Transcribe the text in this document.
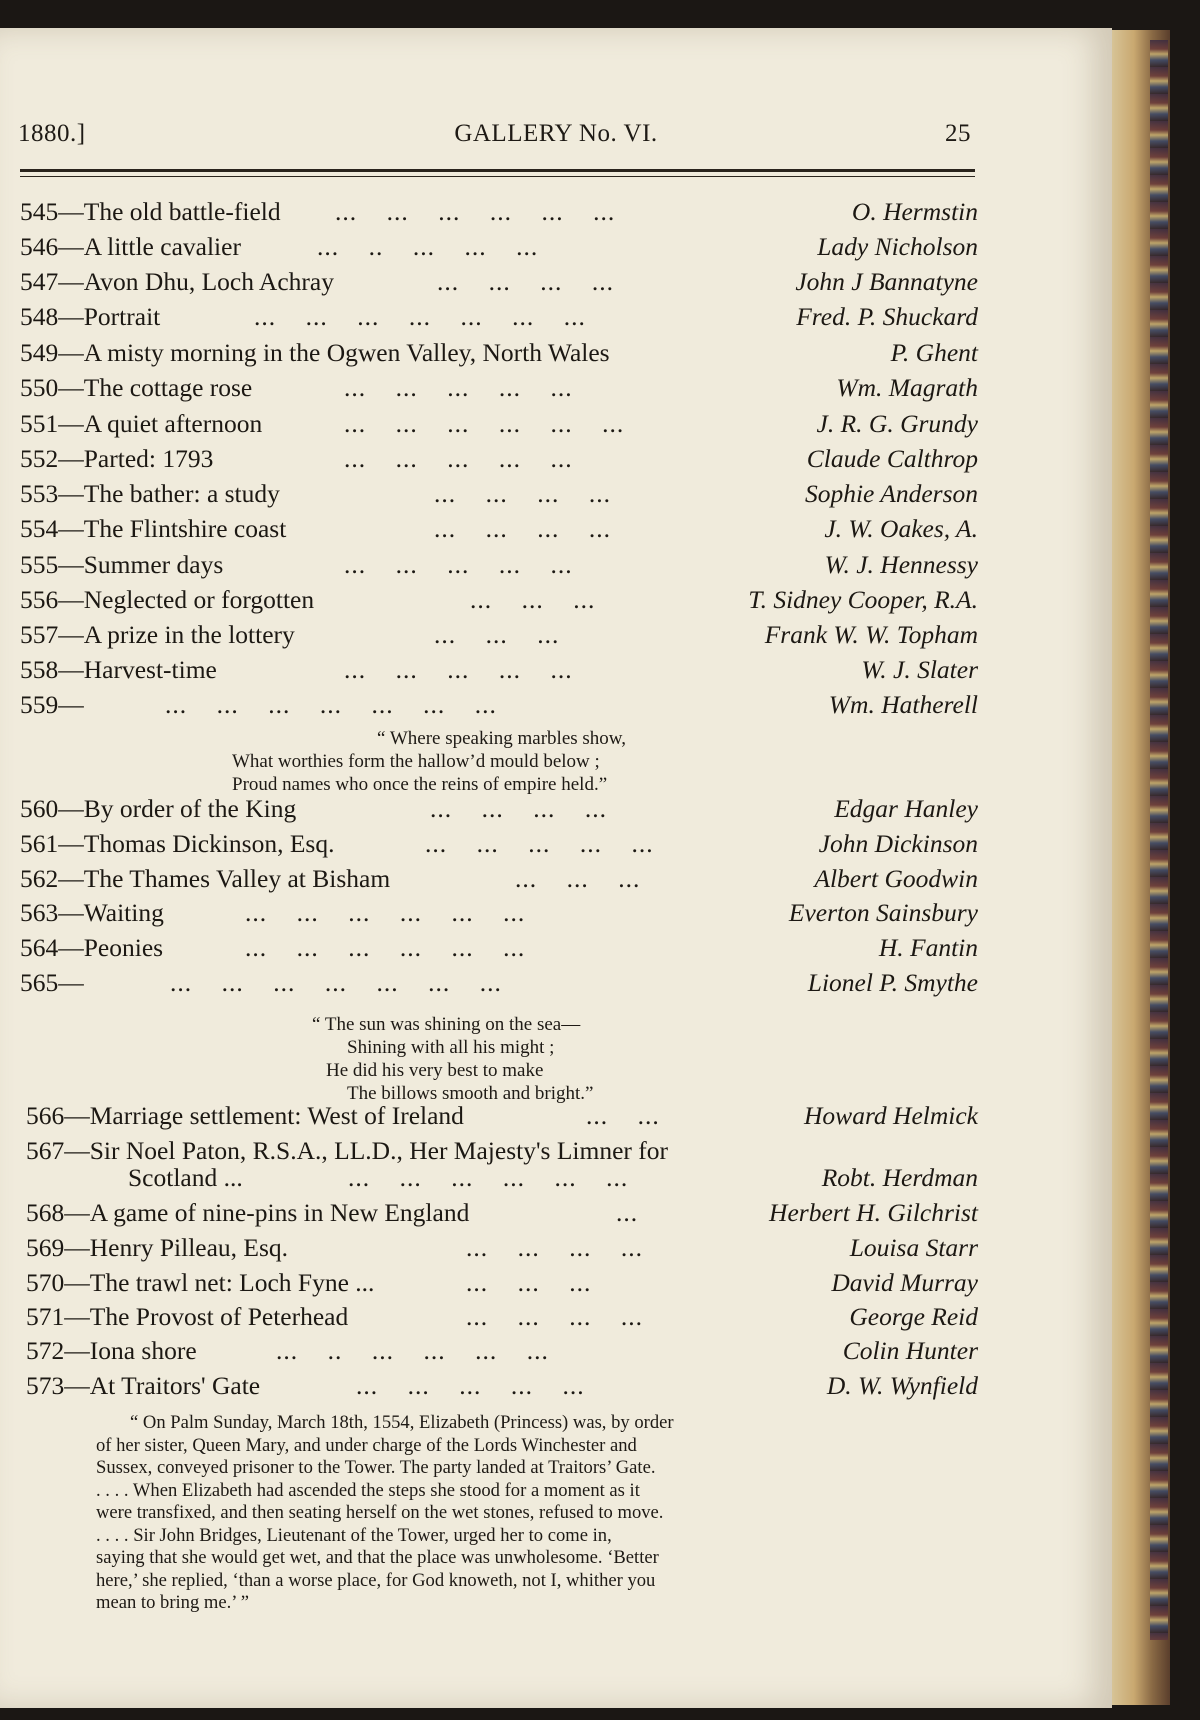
1880.]	GALLERY No. VI.	25
545—The old battle-field ...    ...    ...    ...    ...    ...	O. Hermstin
546—A little cavalier	...    ..    ...    ...    ...	Lady Nicholson
547—Avon Dhu, Loch Achray	...    ...    ...    ...	John J Bannatyne
548—Portrait	...    ...    ...    ...    ...    ...    ...	Fred. P. Shuckard
549—A misty morning in the Ogwen Valley, North Wales	P. Ghent
550—The cottage rose	...    ...    ...    ...    ...	Wm. Magrath
551—A quiet afternoon	...    ...    ...    ...    ...    ...	J. R. G. Grundy
552—Parted: 1793	...    ...    ...    ...    ...	Claude Calthrop
553—The bather: a study	...    ...    ...    ...	Sophie Anderson
554—The Flintshire coast	...    ...    ...    ...	J. W. Oakes, A.
555—Summer days	...    ...    ...    ...    ...	W. J. Hennessy
556—Neglected or forgotten	...    ...    ...	T. Sidney Cooper, R.A.
557—A prize in the lottery	...    ...    ...	Frank W. W. Topham
558—Harvest-time	...    ...    ...    ...    ...	W. J. Slater
559—	...    ...    ...    ...    ...    ...    ...	Wm. Hatherell
560—By order of the King	...    ...    ...    ...	Edgar Hanley
561—Thomas Dickinson, Esq.	...    ...    ...    ...    ...	John Dickinson
562—The Thames Valley at Bisham	...    ...    ...	Albert Goodwin
563—Waiting	...    ...    ...    ...    ...    ...	Everton Sainsbury
564—Peonies	...    ...    ...    ...    ...    ...	H. Fantin
565—	...    ...    ...    ...    ...    ...    ...	Lionel P. Smythe
566—Marriage settlement: West of Ireland	...    ...	Howard Helmick
567—Sir Noel Paton, R.S.A., LL.D., Her Majesty's Limner for
Scotland ...	...    ...    ...    ...    ...    ...	Robt. Herdman
568—A game of nine-pins in New England	...	Herbert H. Gilchrist
569—Henry Pilleau, Esq.	...    ...    ...    ...	Louisa Starr
570—The trawl net: Loch Fyne ...	...    ...    ...	David Murray
571—The Provost of Peterhead	...    ...    ...    ...	George Reid
572—Iona shore	...    ..    ...    ...    ...    ...	Colin Hunter
573—At Traitors' Gate	...    ...    ...    ...    ...	D. W. Wynfield
“ Where speaking marbles show,
What worthies form the hallow’d mould below ;
Proud names who once the reins of empire held.”
“ The sun was shining on the sea—
Shining with all his might ;
He did his very best to make
The billows smooth and bright.”
“ On Palm Sunday, March 18th, 1554, Elizabeth (Princess) was, by order
of her sister, Queen Mary, and under charge of the Lords Winchester and
Sussex, conveyed prisoner to the Tower. The party landed at Traitors’ Gate.
. . . . When Elizabeth had ascended the steps she stood for a moment as it
were transfixed, and then seating herself on the wet stones, refused to move.
. . . . Sir John Bridges, Lieutenant of the Tower, urged her to come in,
saying that she would get wet, and that the place was unwholesome. ‘Better
here,’ she replied, ‘than a worse place, for God knoweth, not I, whither you
mean to bring me.’ ”
